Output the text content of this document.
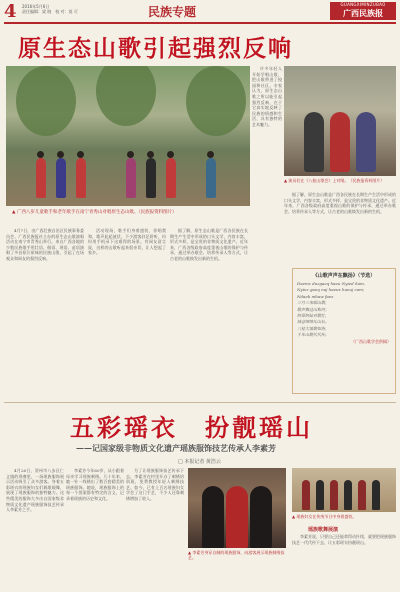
4 2016年5月6日
责任编辑：梁 晓　校 对：莫 可	民族专题
GUANGXIMINZUBAO
广西民族报
原生态山歌引起强烈反响
▲ 广西八岁儿童歌手和老年歌手在南宁青秀山对唱原生态山歌。（民族报资料图片）

4月7日，由广西壮族自治区民族事务委员会、广西民族报社主办的原生态山歌演唱活动在南宁市青秀山举行。来自广西各地的少数民族歌手用壮语、侗语、瑶语、苗语演唱了多首原汁原味的民族山歌，引起了在场观众和网友的强烈反响。

活动现场，歌手们身着盛装，你唱我和，歌声此起彼伏。不少游客驻足聆听，纷纷用手机录下这难得的场景。有网友留言说，这样的山歌听起来很亲切，让人想起了家乡。

据了解，原生态山歌是广西各民族在长期生产生活中形成的口头文学，内容丰富，形式多样，是宝贵的非物质文化遗产。近年来，广西各级政府高度重视山歌的保护与传承，通过举办歌会、培养传承人等方式，让古老的山歌焕发出新的生机。

许多年轻人开始学唱山歌，把山歌带进了校园和社区。专家认为，原生态山歌之所以能引起强烈反响，在于它真实地反映了民族的情感和生活，具有独特的艺术魅力。

▲ 演员们在《八桂山歌会》上对唱。（民族报资料图片）

据了解，原生态山歌是广西各民族在长期生产生活中形成的口头文学，内容丰富，形式多样，是宝贵的非物质文化遗产。近年来，广西各级政府高度重视山歌的保护与传承，通过举办歌会、培养传承人等方式，让古老的山歌焕发出新的生机。

《山歌声声在飘扬》（节选）
Daemz duzgaeq haeu Nyied Sam,
Nyinz gaeq naj haeux haeuj cam;
Ndaek mbaw faex
三月三来唱山歌，
歌声飘过山和河；
阿哥阿妹对歌忙，
情意绵绵比山长。
八桂大地歌如海，
千年山歌代代传。
（广西山歌学会供稿）
五彩瑶衣　扮靓瑶山
——记国家级非物质文化遗产瑶族服饰技艺传承人李素芳
□ 本报记者 黄浩云

4月26日，贺州市八步区仁义镇的瑶寨里，一场瑶族服饰展示活动吸引了众多游客。身着五彩瑶衣的瑶族妇女们载歌载舞，展现了瑶族服饰的独特魅力。这些精美的服饰大多出自国家级非物质文化遗产瑶族服饰技艺传承人李素芳之手。

李素芳今年60岁，从小跟着母亲学习瑶族刺绣。几十年来，她一针一线绣出了数百套精美的瑶族服饰。她说，瑶族服饰上的每一个图案都有特定的含义，记录着瑶族的历史和文化。

为了让瑶族服饰技艺传承下去，李素芳在村里开办了刺绣培训班，免费教授年轻人刺绣技艺。如今，已有上百名瑶族妇女学会了这门手艺，不少人还靠刺绣增加了收入。

▲ 李素芳身穿自制的瑶族服饰，向游客展示瑶族刺绣技艺。
▲ 瑶族妇女在传统节日中身着盛装。
瑶族歌舞展演

李素芳说，只要自己还能拿得动针线，就要把瑶族服饰技艺一代代传下去，让五彩瑶衣扮靓瑶山。
